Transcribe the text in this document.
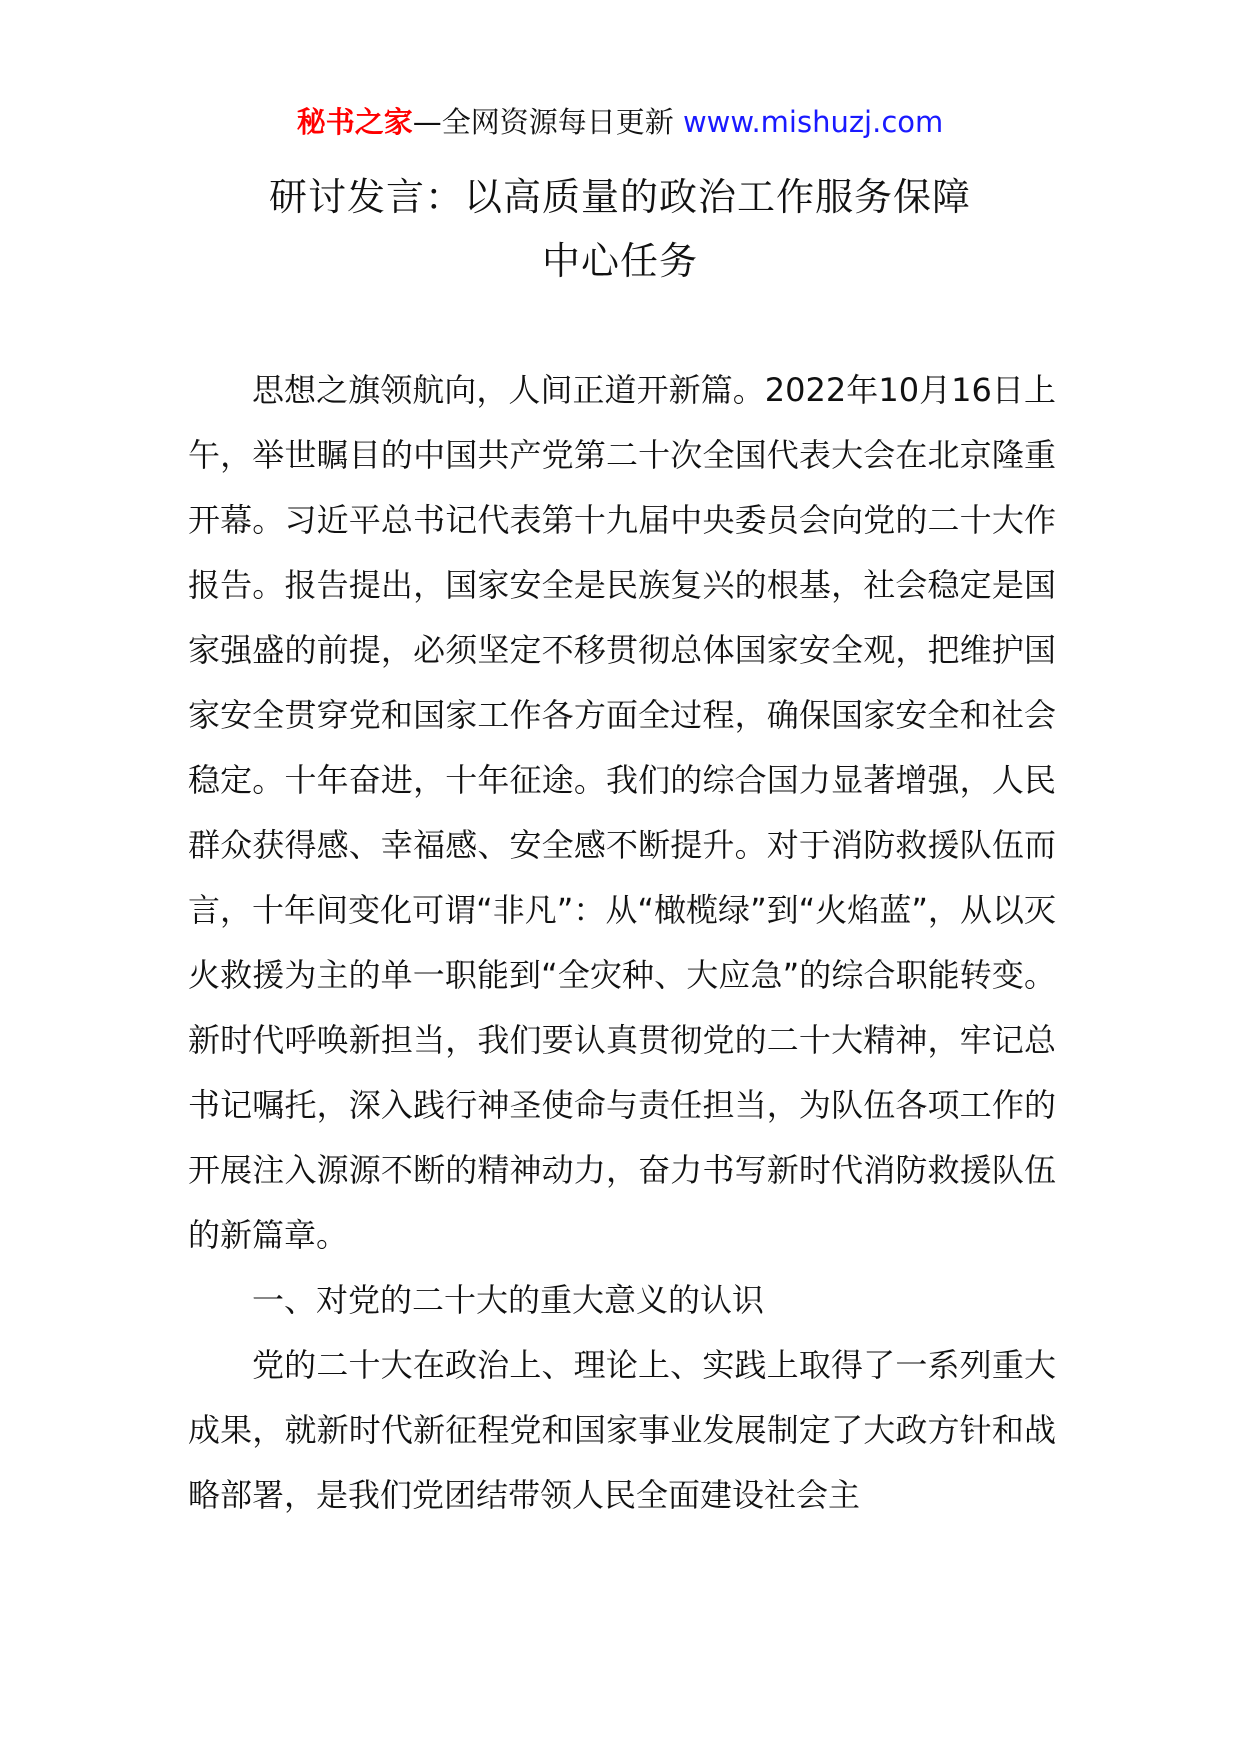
秘书之家—全网资源每日更新 www.mishuzj.com
研讨发言：以高质量的政治工作服务保障
中心任务

思想之旗领航向，人间正道开新篇。2022年10月16日上午，举世瞩目的中国共产党第二十次全国代表大会在北京隆重开幕。习近平总书记代表第十九届中央委员会向党的二十大作报告。报告提出，国家安全是民族复兴的根基，社会稳定是国家强盛的前提，必须坚定不移贯彻总体国家安全观，把维护国家安全贯穿党和国家工作各方面全过程，确保国家安全和社会稳定。十年奋进，十年征途。我们的综合国力显著增强，人民群众获得感、幸福感、安全感不断提升。对于消防救援队伍而言，十年间变化可谓“非凡”：从“橄榄绿”到“火焰蓝”，从以灭火救援为主的单一职能到“全灾种、大应急”的综合职能转变。新时代呼唤新担当，我们要认真贯彻党的二十大精神，牢记总书记嘱托，深入践行神圣使命与责任担当，为队伍各项工作的开展注入源源不断的精神动力，奋力书写新时代消防救援队伍的新篇章。

一、对党的二十大的重大意义的认识

党的二十大在政治上、理论上、实践上取得了一系列重大成果，就新时代新征程党和国家事业发展制定了大政方针和战略部署，是我们党团结带领人民全面建设社会主
